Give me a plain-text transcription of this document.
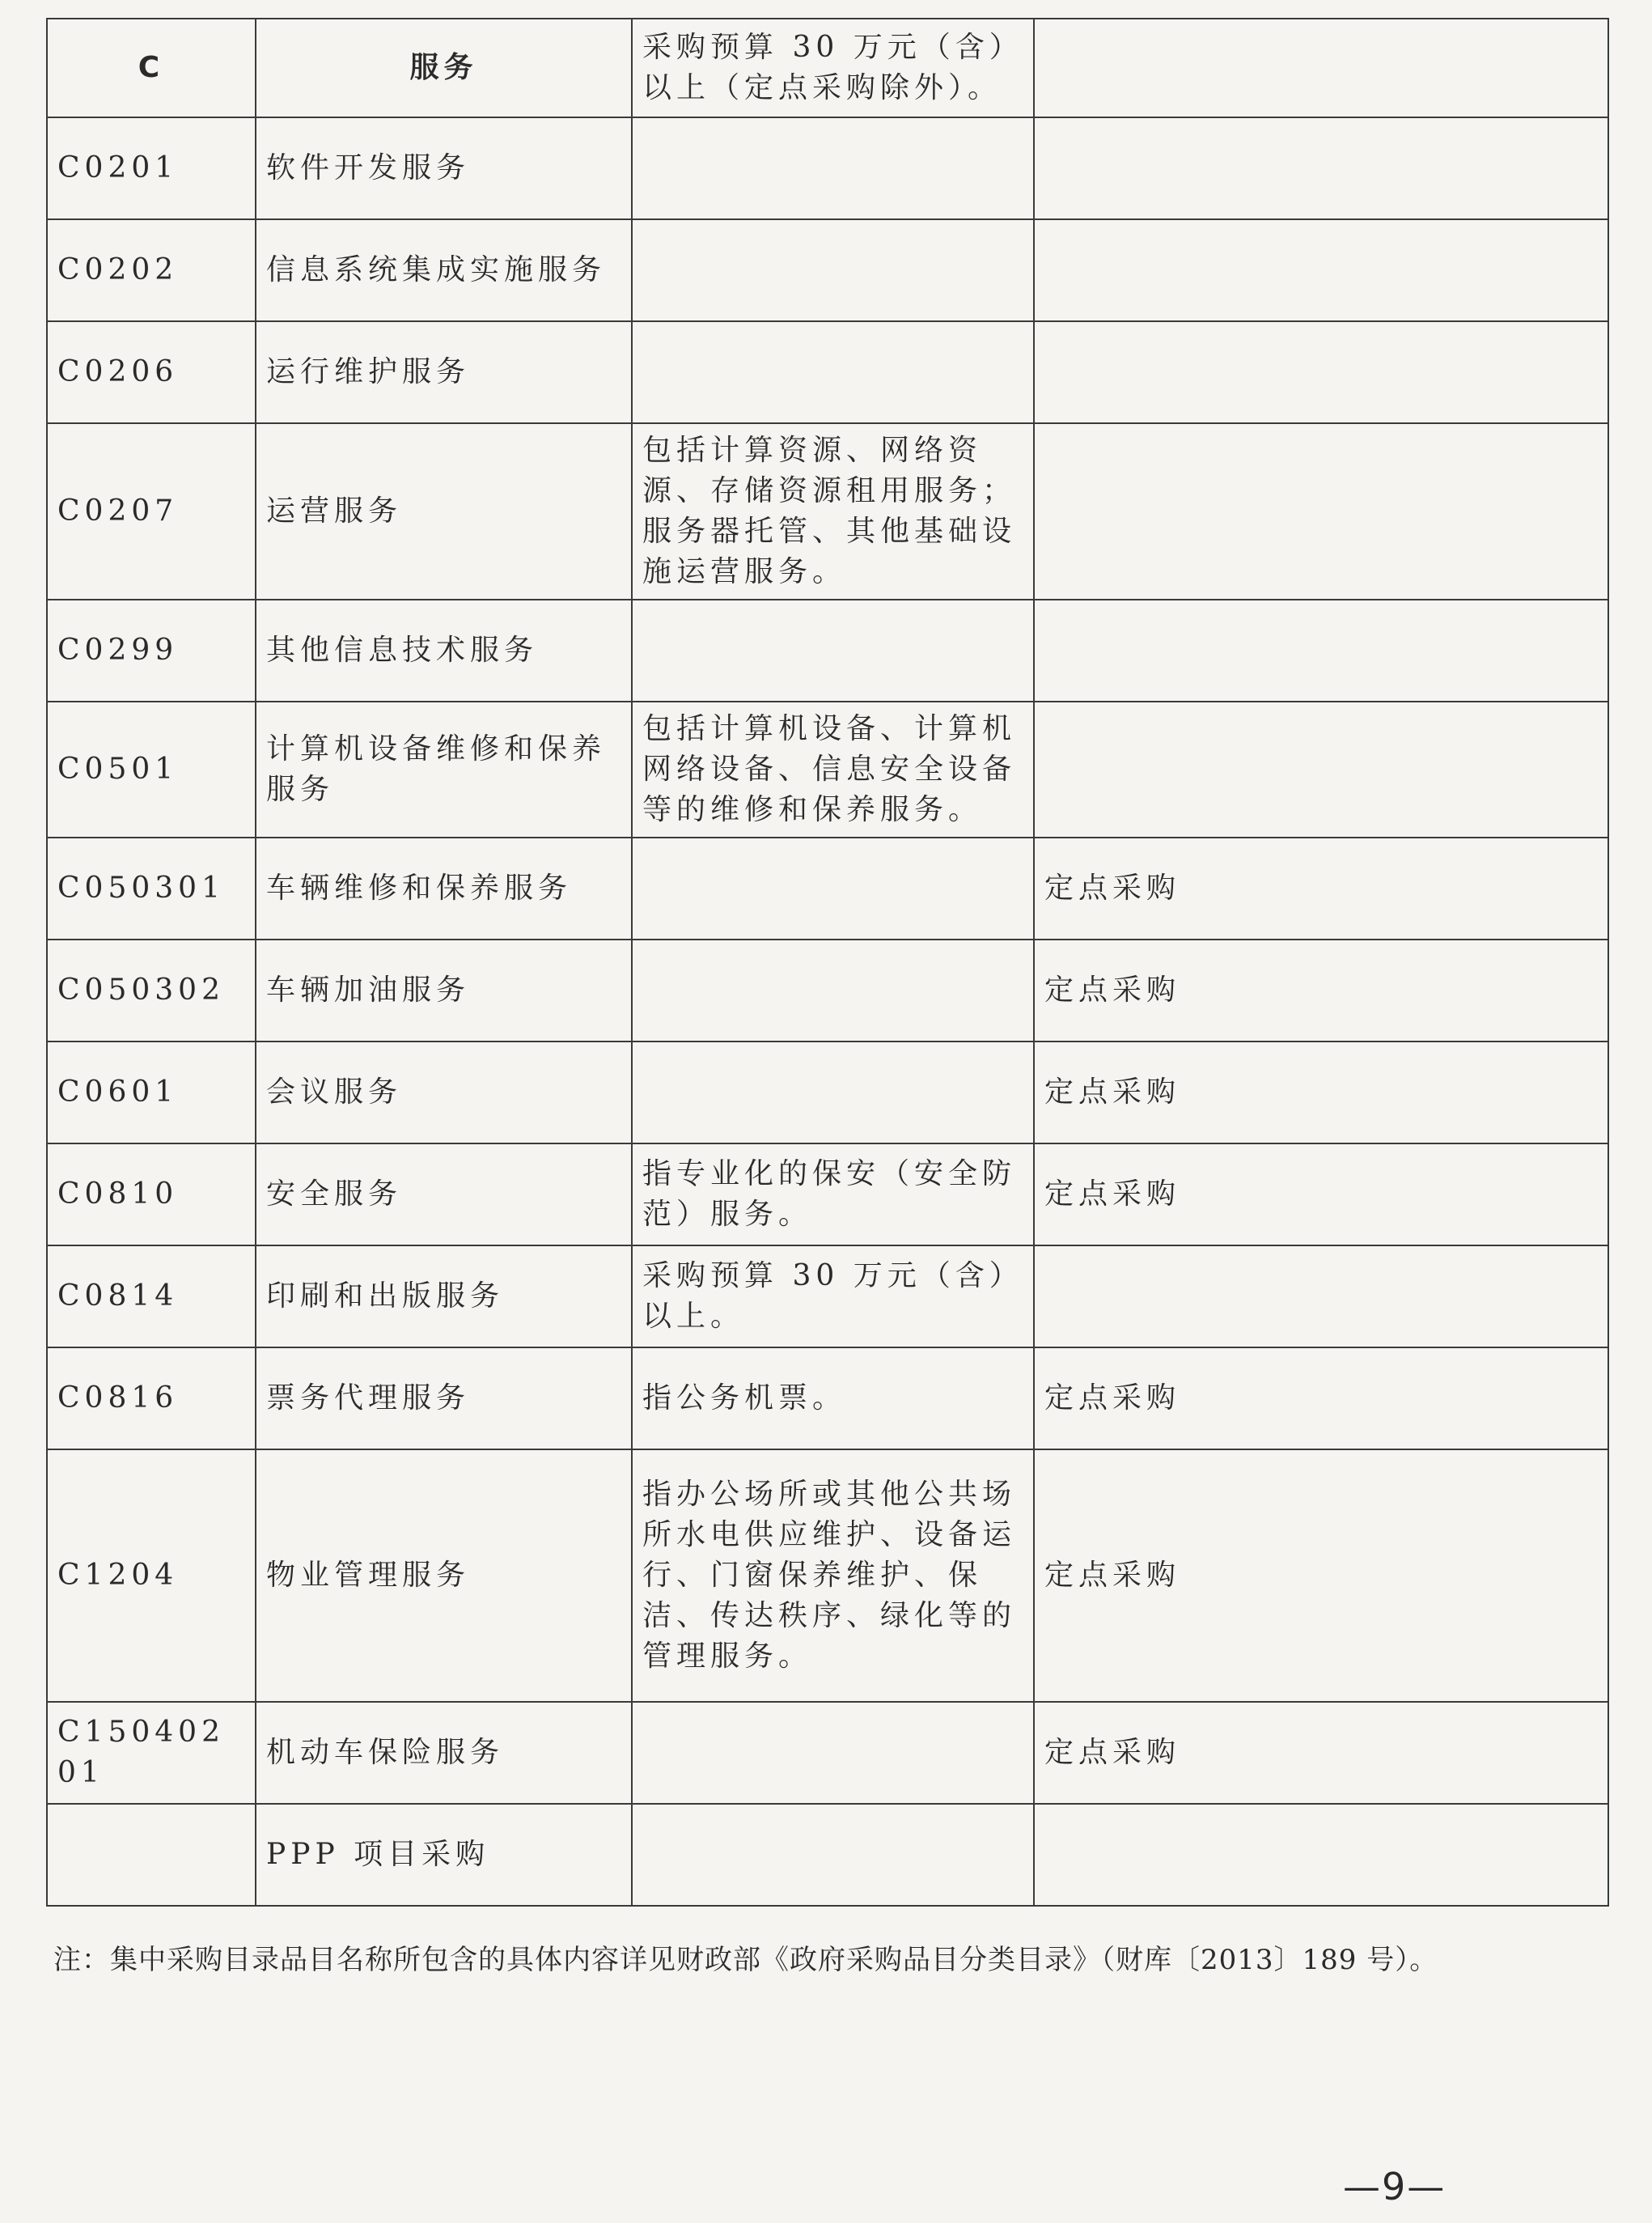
C	服务	采购预算 30 万元（含）以上（定点采购除外）。	
C0201	软件开发服务		
C0202	信息系统集成实施服务		
C0206	运行维护服务		
C0207	运营服务	包括计算资源、网络资源、存储资源租用服务；服务器托管、其他基础设施运营服务。	
C0299	其他信息技术服务		
C0501	计算机设备维修和保养服务	包括计算机设备、计算机网络设备、信息安全设备等的维修和保养服务。	
C050301	车辆维修和保养服务		定点采购
C050302	车辆加油服务		定点采购
C0601	会议服务		定点采购
C0810	安全服务	指专业化的保安（安全防范）服务。	定点采购
C0814	印刷和出版服务	采购预算 30 万元（含）以上。	
C0816	票务代理服务	指公务机票。	定点采购
C1204	物业管理服务	指办公场所或其他公共场所水电供应维护、设备运行、门窗保养维护、保洁、传达秩序、绿化等的管理服务。	定点采购
C15040201	机动车保险服务		定点采购
	PPP 项目采购		
注：集中采购目录品目名称所包含的具体内容详见财政部《政府采购品目分类目录》（财库〔2013〕189 号）。
—9—
